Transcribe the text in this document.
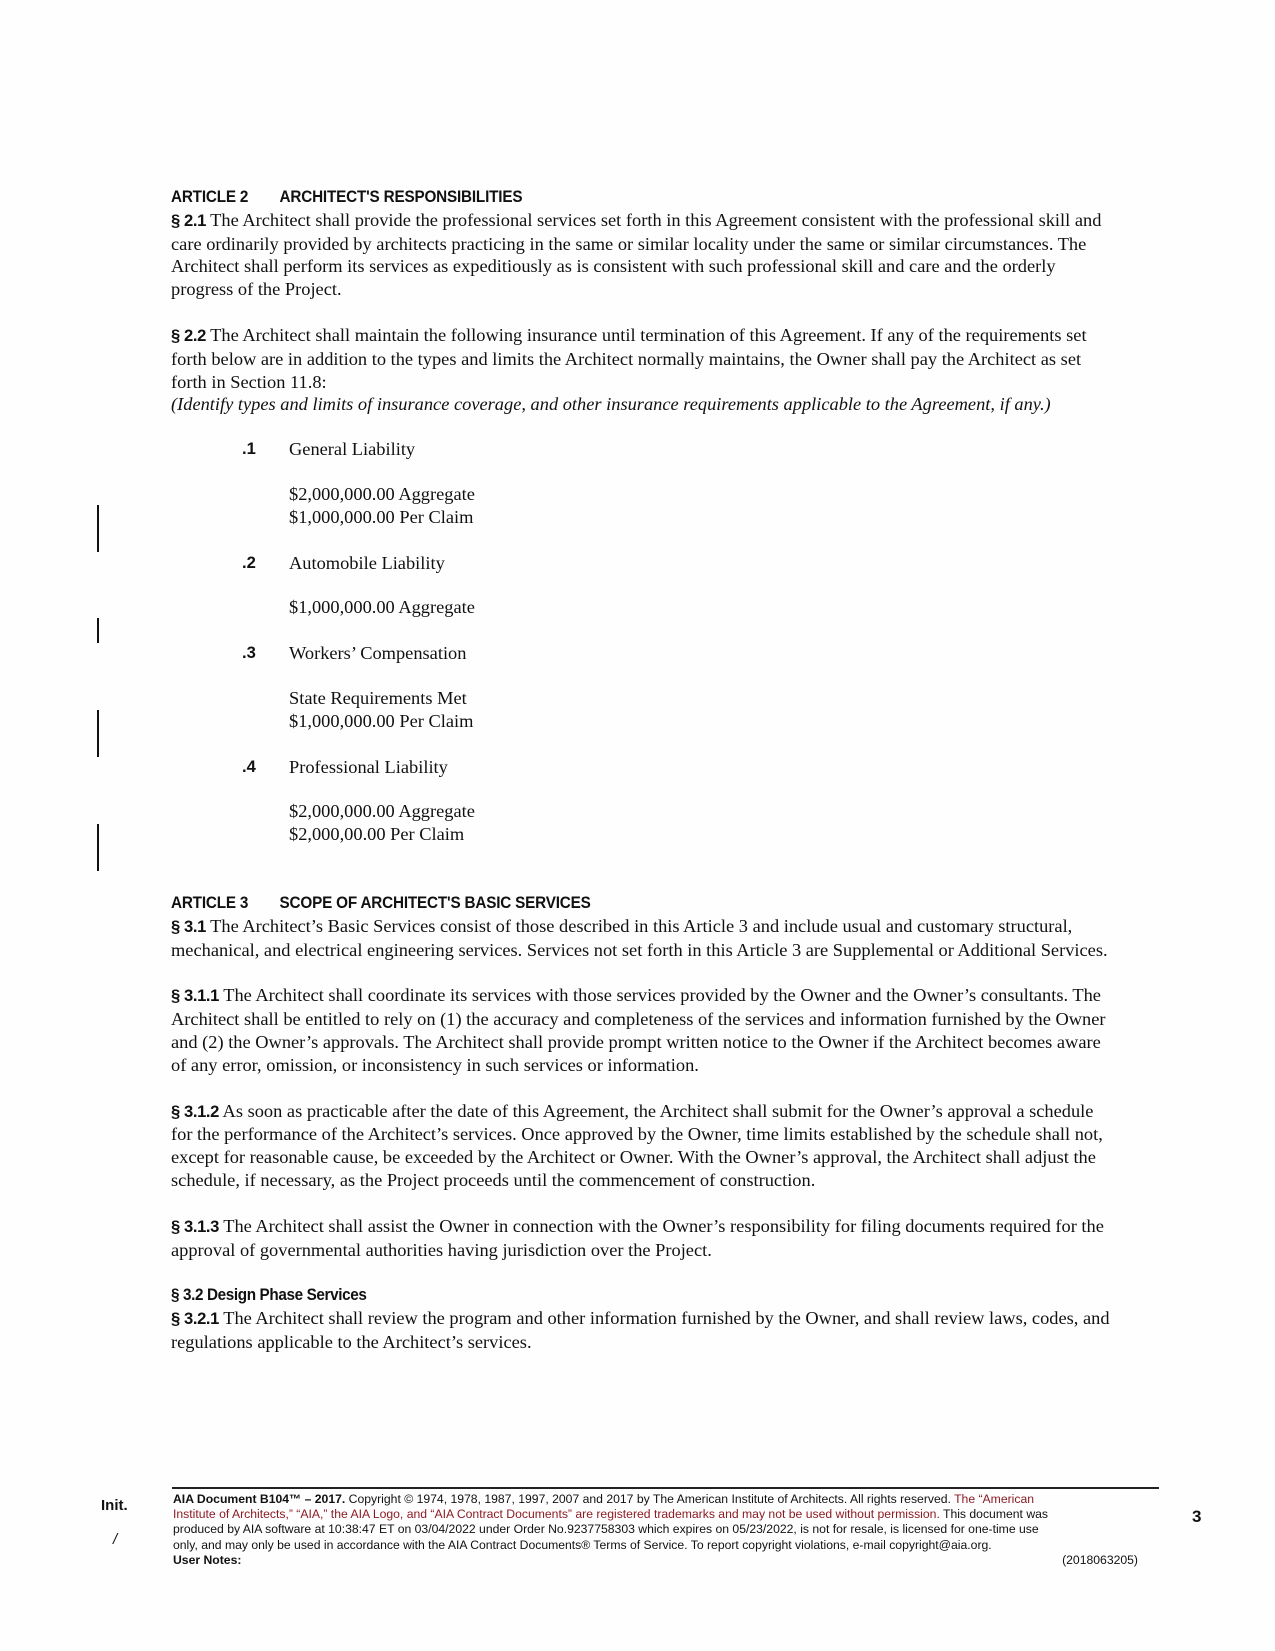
ARTICLE 2 ARCHITECT'S RESPONSIBILITIES

§ 2.1 The Architect shall provide the professional services set forth in this Agreement consistent with the professional skill and care ordinarily provided by architects practicing in the same or similar locality under the same or similar circumstances. The Architect shall perform its services as expeditiously as is consistent with such professional skill and care and the orderly progress of the Project.

§ 2.2 The Architect shall maintain the following insurance until termination of this Agreement. If any of the requirements set forth below are in addition to the types and limits the Architect normally maintains, the Owner shall pay the Architect as set forth in Section 11.8:

(Identify types and limits of insurance coverage, and other insurance requirements applicable to the Agreement, if any.)

.1 General Liability
$2,000,000.00 Aggregate
$1,000,000.00 Per Claim
.2 Automobile Liability
$1,000,000.00 Aggregate
.3 Workers’ Compensation
State Requirements Met
$1,000,000.00 Per Claim
.4 Professional Liability
$2,000,000.00 Aggregate
$2,000,00.00 Per Claim
ARTICLE 3 SCOPE OF ARCHITECT'S BASIC SERVICES

§ 3.1 The Architect’s Basic Services consist of those described in this Article 3 and include usual and customary structural, mechanical, and electrical engineering services. Services not set forth in this Article 3 are Supplemental or Additional Services.

§ 3.1.1 The Architect shall coordinate its services with those services provided by the Owner and the Owner’s consultants. The Architect shall be entitled to rely on (1) the accuracy and completeness of the services and information furnished by the Owner and (2) the Owner’s approvals. The Architect shall provide prompt written notice to the Owner if the Architect becomes aware of any error, omission, or inconsistency in such services or information.

§ 3.1.2 As soon as practicable after the date of this Agreement, the Architect shall submit for the Owner’s approval a schedule for the performance of the Architect’s services. Once approved by the Owner, time limits established by the schedule shall not, except for reasonable cause, be exceeded by the Architect or Owner. With the Owner’s approval, the Architect shall adjust the schedule, if necessary, as the Project proceeds until the commencement of construction.

§ 3.1.3 The Architect shall assist the Owner in connection with the Owner’s responsibility for filing documents required for the approval of governmental authorities having jurisdiction over the Project.

§ 3.2 Design Phase Services

§ 3.2.1 The Architect shall review the program and other information furnished by the Owner, and shall review laws, codes, and regulations applicable to the Architect’s services.

Init.
/
AIA Document B104™ – 2017. Copyright © 1974, 1978, 1987, 1997, 2007 and 2017 by The American Institute of Architects. All rights reserved. The “American
Institute of Architects,” “AIA,” the AIA Logo, and “AIA Contract Documents” are registered trademarks and may not be used without permission. This document was
produced by AIA software at 10:38:47 ET on 03/04/2022 under Order No.9237758303 which expires on 05/23/2022, is not for resale, is licensed for one-time use
only, and may only be used in accordance with the AIA Contract Documents® Terms of Service. To report copyright violations, e-mail copyright@aia.org.
User Notes:	(2018063205)
3
